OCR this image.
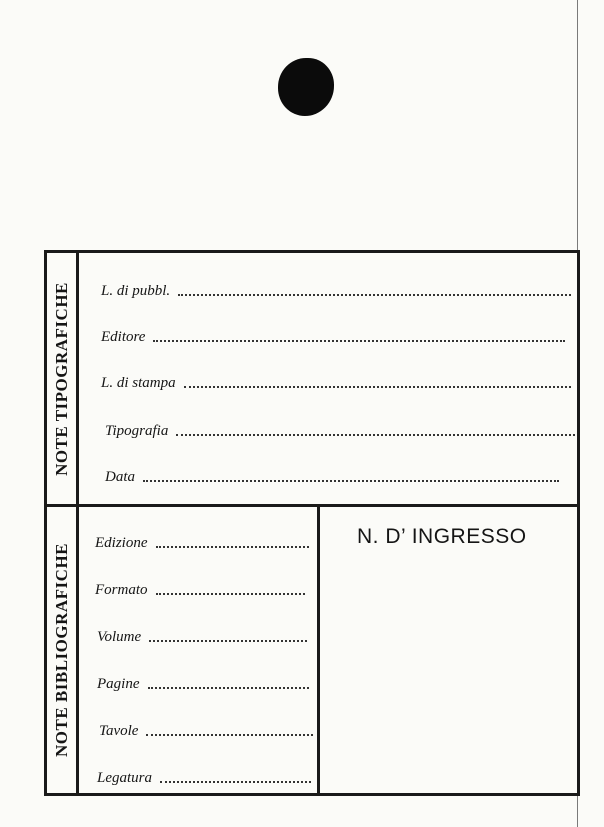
NOTE TIPOGRAFICHE L. di pubbl.
Editore
L. di stampa
Tipografia
Data
NOTE BIBLIOGRAFICHE Edizione
Formato
Volume
Pagine
Tavole
Legatura
N. D’ INGRESSO
